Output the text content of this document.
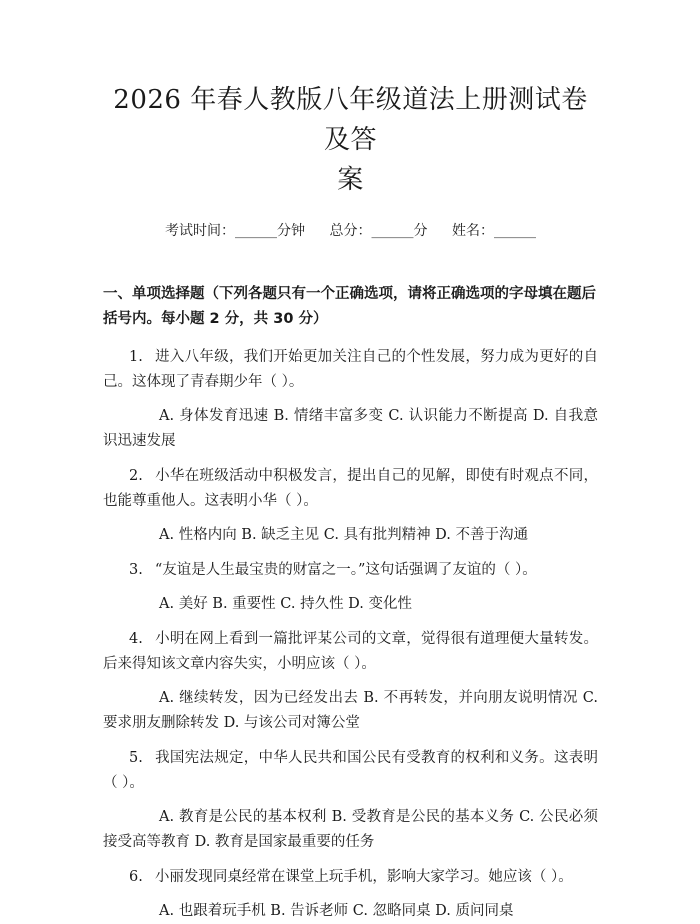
2026 年春人教版八年级道法上册测试卷及答
案
考试时间：______分钟 总分：______分 姓名：______
一、单项选择题（下列各题只有一个正确选项，请将正确选项的字母填在题后括号内。每小题 2 分，共 30 分）
1. 进入八年级，我们开始更加关注自己的个性发展，努力成为更好的自己。这体现了青春期少年（ ）。
A. 身体发育迅速 B. 情绪丰富多变 C. 认识能力不断提高 D. 自我意识迅速发展
2. 小华在班级活动中积极发言，提出自己的见解，即使有时观点不同，也能尊重他人。这表明小华（ ）。
A. 性格内向 B. 缺乏主见 C. 具有批判精神 D. 不善于沟通
3. “友谊是人生最宝贵的财富之一。”这句话强调了友谊的（ ）。
A. 美好 B. 重要性 C. 持久性 D. 变化性
4. 小明在网上看到一篇批评某公司的文章，觉得很有道理便大量转发。后来得知该文章内容失实，小明应该（ ）。
A. 继续转发，因为已经发出去 B. 不再转发，并向朋友说明情况 C. 要求朋友删除转发 D. 与该公司对簿公堂
5. 我国宪法规定，中华人民共和国公民有受教育的权利和义务。这表明（ ）。
A. 教育是公民的基本权利 B. 受教育是公民的基本义务 C. 公民必须接受高等教育 D. 教育是国家最重要的任务
6. 小丽发现同桌经常在课堂上玩手机，影响大家学习。她应该（ ）。
A. 也跟着玩手机 B. 告诉老师 C. 忽略同桌 D. 质问同桌
